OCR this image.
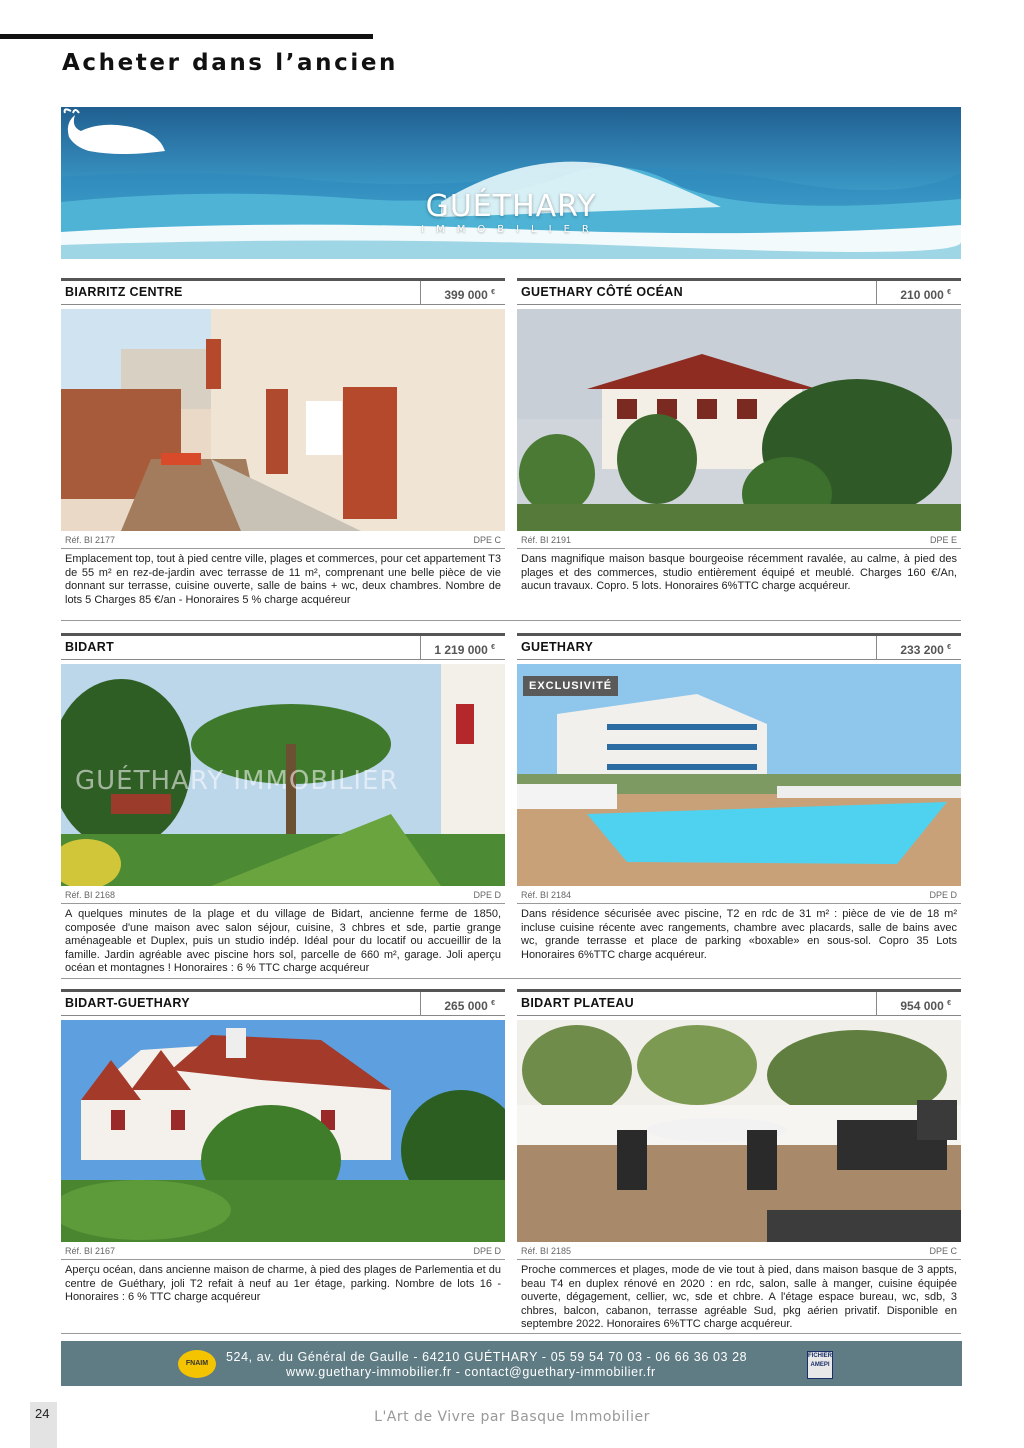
Acheter dans l’ancien
GUÉTHARY
IMMOBILIER
BIARRITZ CENTRE	399 000 €
Réf. BI 2177	DPE C
Emplacement top, tout à pied centre ville, plages et commerces, pour cet appartement T3 de 55 m² en rez-de-jardin avec terrasse de 11 m², comprenant une belle pièce de vie donnant sur terrasse, cuisine ouverte, salle de bains + wc, deux chambres. Nombre de lots 5 Charges 85 €/an - Honoraires 5 % charge acquéreur
GUETHARY CÔTÉ OCÉAN	210 000 €
Réf. BI 2191	DPE E
Dans magnifique maison basque bourgeoise récemment ravalée, au calme, à pied des plages et des commerces, studio entièrement équipé et meublé. Charges 160 €/An, aucun travaux. Copro. 5 lots. Honoraires 6%TTC charge acquéreur.
BIDART	1 219 000 €
GUÉTHARY IMMOBILIER
Réf. BI 2168	DPE D
A quelques minutes de la plage et du village de Bidart, ancienne ferme de 1850, composée d'une maison avec salon séjour, cuisine, 3 chbres et sde, partie grange aménageable et Duplex, puis un studio indép. Idéal pour du locatif ou accueillir de la famille. Jardin agréable avec piscine hors sol, parcelle de 660 m², garage. Joli aperçu océan et montagnes ! Honoraires : 6 % TTC charge acquéreur
GUETHARY	233 200 €
EXCLUSIVITÉ
Réf. BI 2184	DPE D
Dans résidence sécurisée avec piscine, T2 en rdc de 31 m² : pièce de vie de 18 m² incluse cuisine récente avec rangements, chambre avec placards, salle de bains avec wc, grande terrasse et place de parking «boxable» en sous-sol. Copro 35 Lots Honoraires 6%TTC charge acquéreur.
BIDART-GUETHARY	265 000 €
Réf. BI 2167	DPE D
Aperçu océan, dans ancienne maison de charme, à pied des plages de Parlementia et du centre de Guéthary, joli T2 refait à neuf au 1er étage, parking. Nombre de lots 16 - Honoraires : 6 % TTC charge acquéreur
BIDART PLATEAU	954 000 €
Réf. BI 2185	DPE C
Proche commerces et plages, mode de vie tout à pied, dans maison basque de 3 appts, beau T4 en duplex rénové en 2020 : en rdc, salon, salle à manger, cuisine équipée ouverte, dégagement, cellier, wc, sde et chbre. A l'étage espace bureau, wc, sdb, 3 chbres, balcon, cabanon, terrasse agréable Sud, pkg aérien privatif. Disponible en septembre 2022. Honoraires 6%TTC charge acquéreur.
FNAIM	524, av. du Général de Gaulle - 64210 GUÉTHARY - 05 59 54 70 03 - 06 66 36 03 28
www.guethary-immobilier.fr - contact@guethary-immobilier.fr
FICHIER AMEPI
24	L'Art de Vivre par Basque Immobilier
